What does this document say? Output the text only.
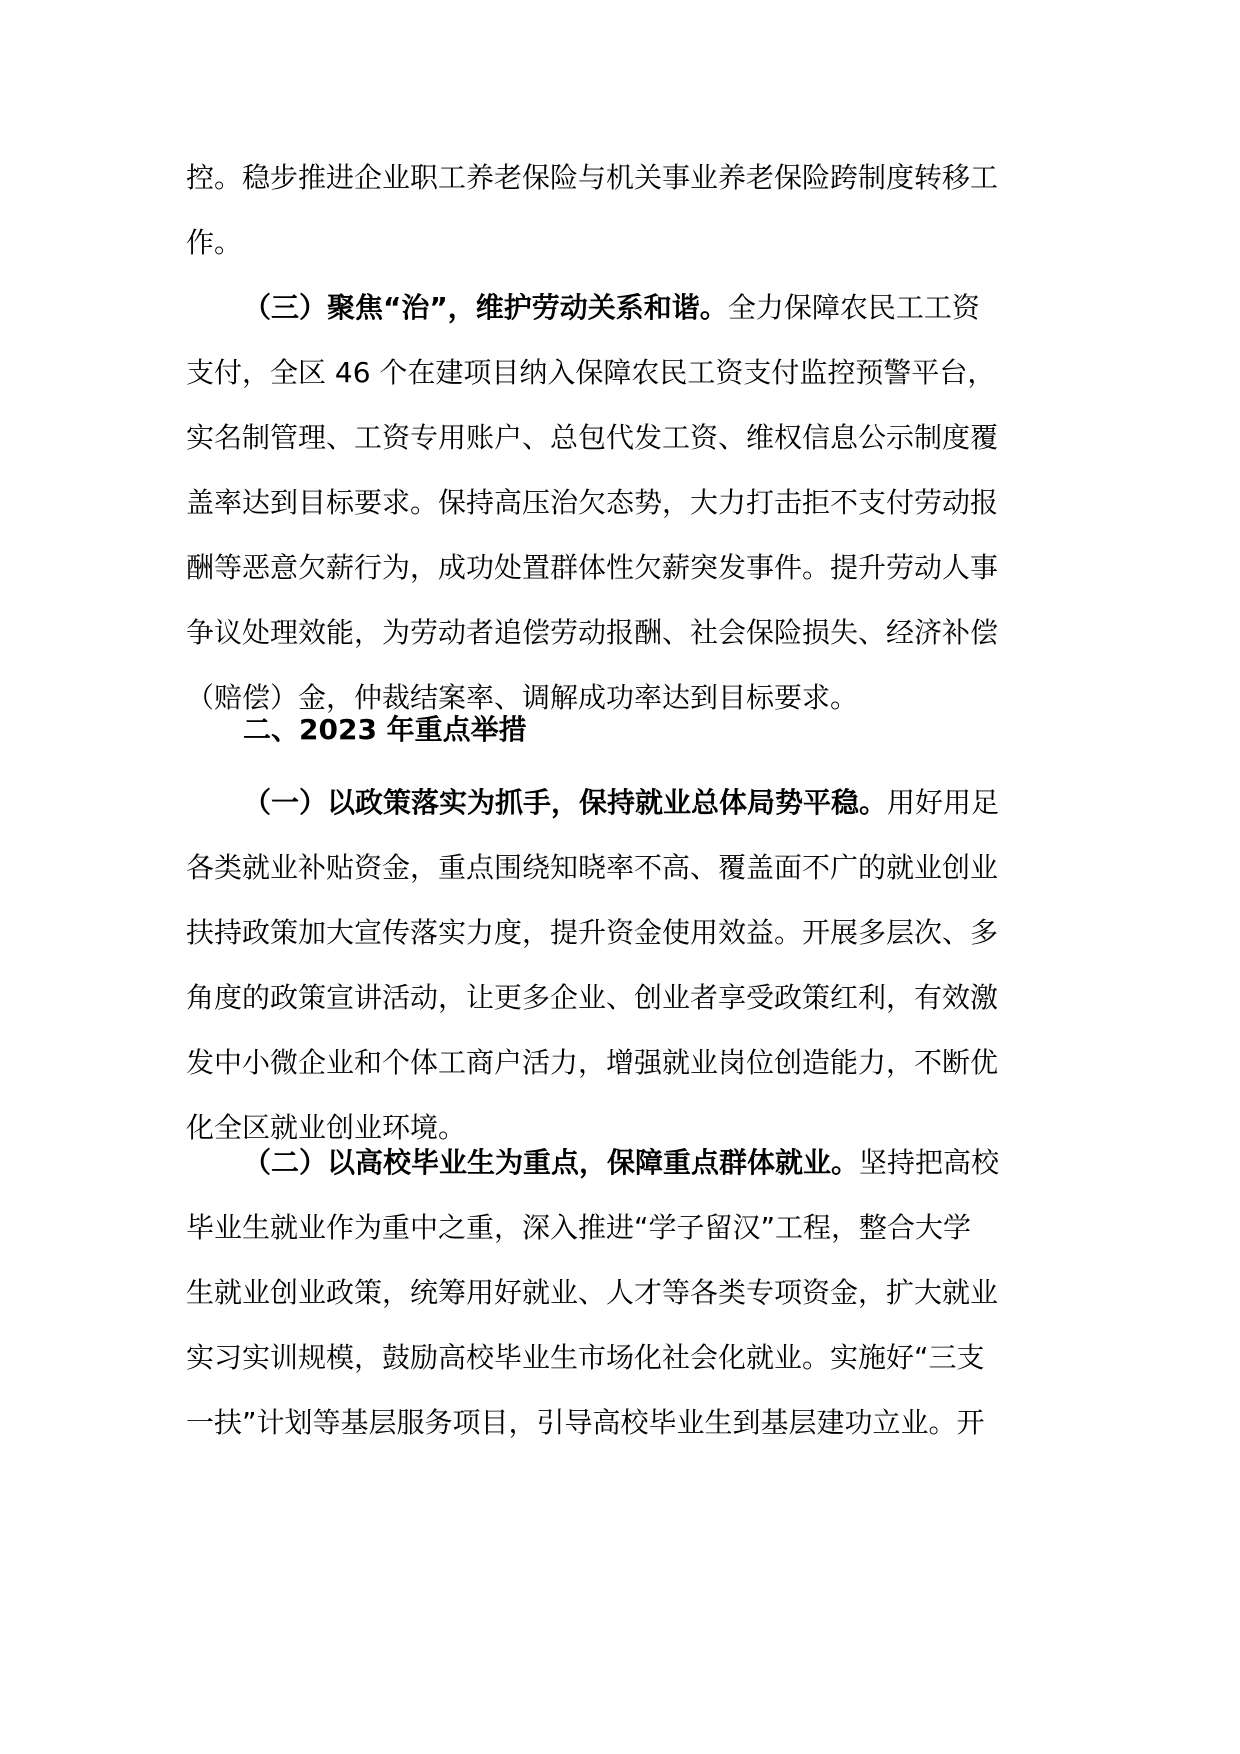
控。稳步推进企业职工养老保险与机关事业养老保险跨制度转移工
作。
（三）聚焦“治”，维护劳动关系和谐。全力保障农民工工资
支付，全区 46 个在建项目纳入保障农民工资支付监控预警平台，
实名制管理、工资专用账户、总包代发工资、维权信息公示制度覆
盖率达到目标要求。保持高压治欠态势，大力打击拒不支付劳动报
酬等恶意欠薪行为，成功处置群体性欠薪突发事件。提升劳动人事
争议处理效能，为劳动者追偿劳动报酬、社会保险损失、经济补偿
（赔偿）金，仲裁结案率、调解成功率达到目标要求。
二、2023 年重点举措
（一）以政策落实为抓手，保持就业总体局势平稳。用好用足
各类就业补贴资金，重点围绕知晓率不高、覆盖面不广的就业创业
扶持政策加大宣传落实力度，提升资金使用效益。开展多层次、多
角度的政策宣讲活动，让更多企业、创业者享受政策红利，有效激
发中小微企业和个体工商户活力，增强就业岗位创造能力，不断优
化全区就业创业环境。
（二）以高校毕业生为重点，保障重点群体就业。坚持把高校
毕业生就业作为重中之重，深入推进“学子留汉”工程，整合大学
生就业创业政策，统筹用好就业、人才等各类专项资金，扩大就业
实习实训规模，鼓励高校毕业生市场化社会化就业。实施好“三支
一扶”计划等基层服务项目，引导高校毕业生到基层建功立业。开
